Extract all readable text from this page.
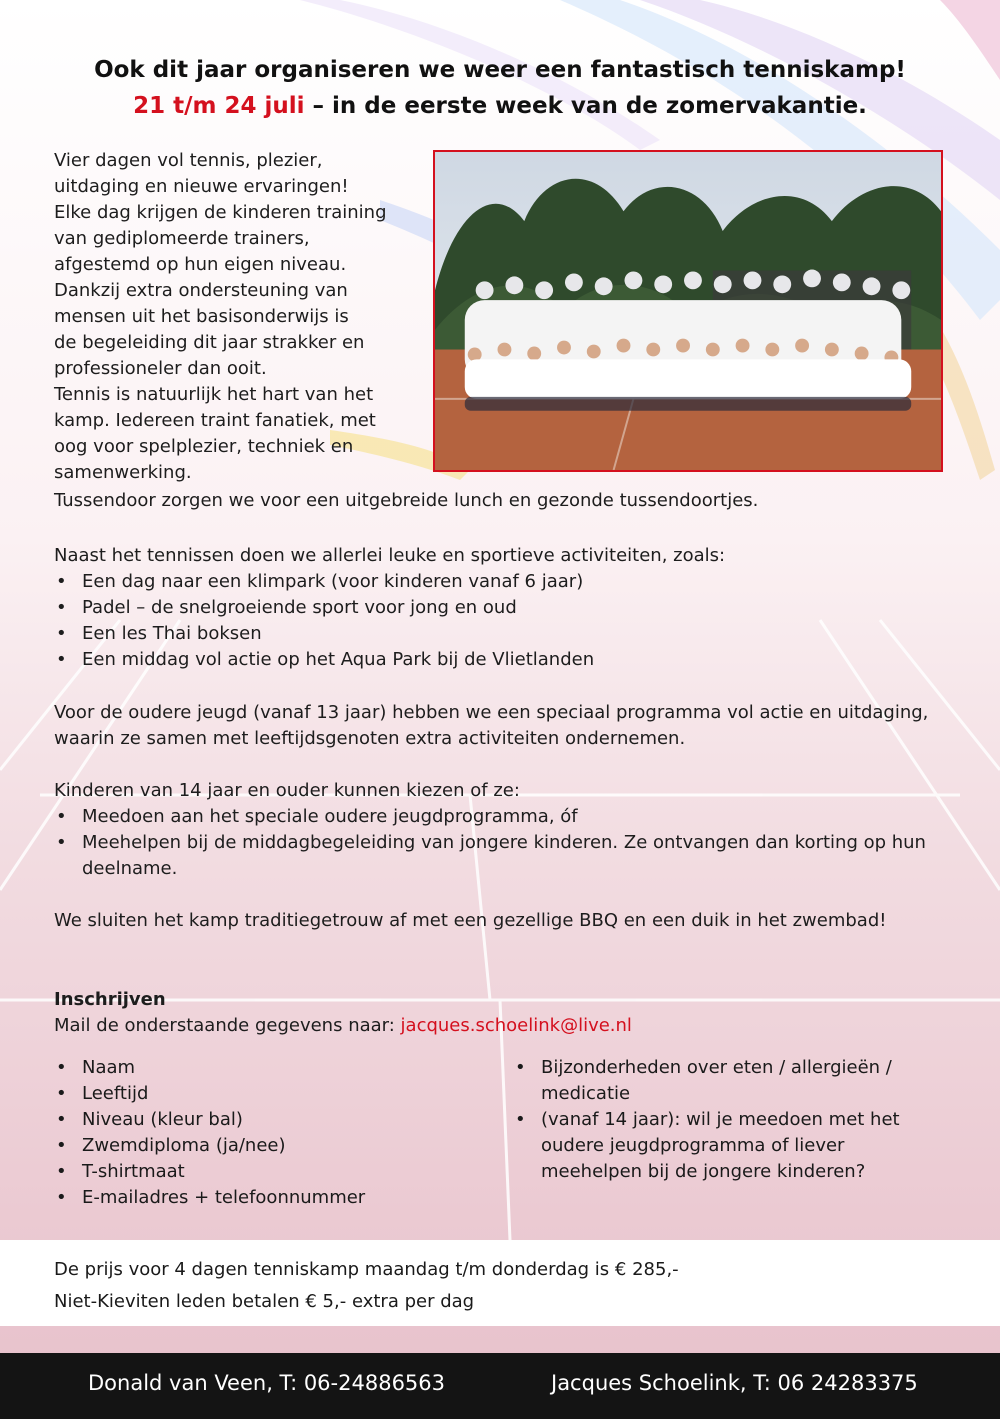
Ook dit jaar organiseren we weer een fantastisch tenniskamp!
21 t/m 24 juli – in de eerste week van de zomervakantie.
Vier dagen vol tennis, plezier,
uitdaging en nieuwe ervaringen!
Elke dag krijgen de kinderen training
van gediplomeerde trainers,
afgestemd op hun eigen niveau.
Dankzij extra ondersteuning van
mensen uit het basisonderwijs is
de begeleiding dit jaar strakker en
professioneler dan ooit.
Tennis is natuurlijk het hart van het
kamp. Iedereen traint fanatiek, met
oog voor spelplezier, techniek en
samenwerking.
Tussendoor zorgen we voor een uitgebreide lunch en gezonde tussendoortjes.
Naast het tennissen doen we allerlei leuke en sportieve activiteiten, zoals:
• Een dag naar een klimpark (voor kinderen vanaf 6 jaar)
• Padel – de snelgroeiende sport voor jong en oud
• Een les Thai boksen
• Een middag vol actie op het Aqua Park bij de Vlietlanden
Voor de oudere jeugd (vanaf 13 jaar) hebben we een speciaal programma vol actie en uitdaging, waarin ze samen met leeftijdsgenoten extra activiteiten ondernemen.
Kinderen van 14 jaar en ouder kunnen kiezen of ze:
• Meedoen aan het speciale oudere jeugdprogramma, óf
• Meehelpen bij de middagbegeleiding van jongere kinderen. Ze ontvangen dan korting op hun deelname.
We sluiten het kamp traditiegetrouw af met een gezellige BBQ en een duik in het zwembad!
Inschrijven
Mail de onderstaande gegevens naar: jacques.schoelink@live.nl
• Naam
• Leeftijd
• Niveau (kleur bal)
• Zwemdiploma (ja/nee)
• T-shirtmaat
• E-mailadres + telefoonnummer
• Bijzonderheden over eten / allergieën / medicatie
• (vanaf 14 jaar): wil je meedoen met het oudere jeugdprogramma of liever meehelpen bij de jongere kinderen?
De prijs voor 4 dagen tenniskamp maandag t/m donderdag is € 285,-
Niet-Kieviten leden betalen € 5,- extra per dag
Donald van Veen, T: 06-24886563	Jacques Schoelink, T: 06 24283375
